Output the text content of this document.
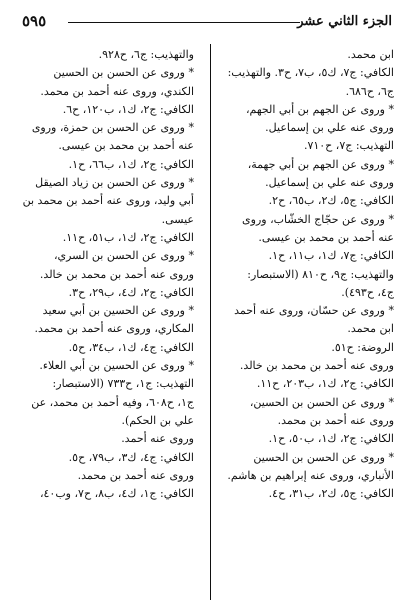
الجزء الثاني عشر
٥٩٥
ابن محمد.
الكافي: ج٧، ك٥، ب٧، ح٣. والتهذيب:
ج٦، ح٦٨٦.
* وروى عن الجهم بن أبي الجهم،
وروى عنه علي بن إسماعيل.
التهذيب: ج٧، ح٧١٠.
* وروى عن الجهم بن أبي جهمة،
وروى عنه علي بن إسماعيل.
الكافي: ج٥، ك٢، ب٦٥، ح٢.
* وروى عن حجّاج الخشّاب، وروى
عنه أحمد بن محمد بن عيسى.
الكافي: ج٧، ك١، ب١١، ح١.
والتهذيب: ج٩، ح٨١٠ (الاستبصار:
ج٤، ح٤٩٣).
* وروى عن حسّان، وروى عنه أحمد
ابن محمد.
الروضة: ح٥١.
وروى عنه أحمد بن محمد بن خالد.
الكافي: ج٢، ك١، ب٢٠٣، ح١١.
* وروى عن الحسن بن الحسين،
وروى عنه أحمد بن محمد.
الكافي: ج٢، ك١، ب٥٠، ح١.
* وروى عن الحسن بن الحسين
الأنباري، وروى عنه إبراهيم بن هاشم.
الكافي: ج٥، ك٢، ب٣١، ح٤.
والتهذيب: ج٦، ح٩٢٨.
* وروى عن الحسن بن الحسين
الكندي، وروى عنه أحمد بن محمد.
الكافي: ج٢، ك١، ب١٢٠، ح٦.
* وروى عن الحسن بن حمزة، وروى
عنه أحمد بن محمد بن عيسى.
الكافي: ج٢، ك١، ب٦٦، ح١.
* وروى عن الحسن بن زياد الصيقل
أبي وليد، وروى عنه أحمد بن محمد بن
عيسى.
الكافي: ج٢، ك١، ب٥١، ح١١.
* وروى عن الحسن بن السري،
وروى عنه أحمد بن محمد بن خالد.
الكافي: ج٢، ك٤، ب٢٩، ح٣.
* وروى عن الحسين بن أبي سعيد
المكاري، وروى عنه أحمد بن محمد.
الكافي: ج٤، ك١، ب٣٤، ح٥.
* وروى عن الحسين بن أبي العلاء.
التهذيب: ج١، ح٧٣٣ (الاستبصار:
ج١، ح٦٠٨، وفيه أحمد بن محمد، عن
علي بن الحكم).
وروى عنه أحمد.
الكافي: ج٤، ك٣، ب٧٩، ح٥.
وروى عنه أحمد بن محمد.
الكافي: ج١، ك٤، ب٨، ح٧، وب٤٠،
